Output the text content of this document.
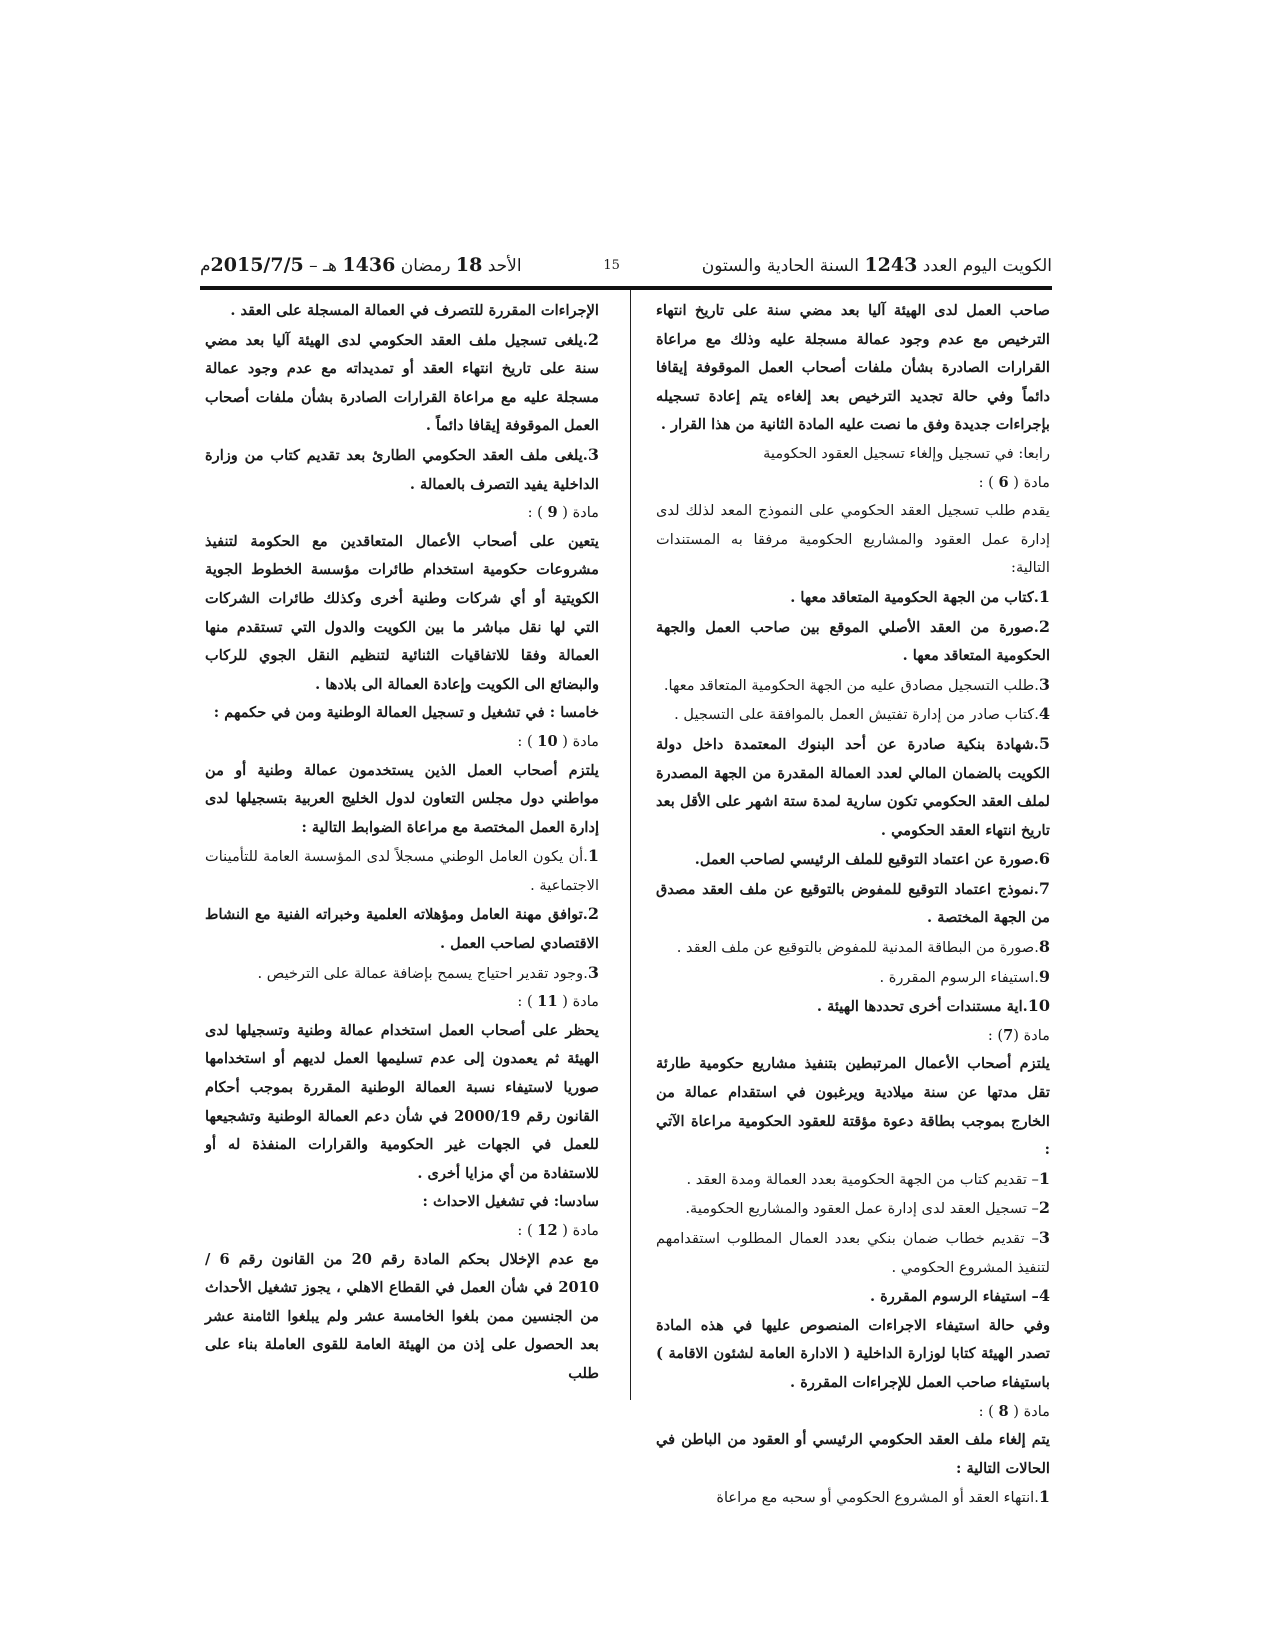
الكويت اليوم العدد 1243 السنة الحادية والستون
15
الأحد 18 رمضان 1436 هـ – 2015/7/5م

صاحب العمل لدى الهيئة آليا بعد مضي سنة على تاريخ انتهاء الترخيص مع عدم وجود عمالة مسجلة عليه وذلك مع مراعاة القرارات الصادرة بشأن ملفات أصحاب العمل الموقوفة إيقافا دائماً وفي حالة تجديد الترخيص بعد إلغاءه يتم إعادة تسجيله بإجراءات جديدة وفق ما نصت عليه المادة الثانية من هذا القرار .

رابعا: في تسجيل وإلغاء تسجيل العقود الحكومية

مادة ( 6 ) :

يقدم طلب تسجيل العقد الحكومي على النموذج المعد لذلك لدى إدارة عمل العقود والمشاريع الحكومية مرفقا به المستندات التالية:

1.كتاب من الجهة الحكومية المتعاقد معها .

2.صورة من العقد الأصلي الموقع بين صاحب العمل والجهة الحكومية المتعاقد معها .

3.طلب التسجيل مصادق عليه من الجهة الحكومية المتعاقد معها.

4.كتاب صادر من إدارة تفتيش العمل بالموافقة على التسجيل .

5.شهادة بنكية صادرة عن أحد البنوك المعتمدة داخل دولة الكويت بالضمان المالي لعدد العمالة المقدرة من الجهة المصدرة لملف العقد الحكومي تكون سارية لمدة ستة اشهر على الأقل بعد تاريخ انتهاء العقد الحكومي .

6.صورة عن اعتماد التوقيع للملف الرئيسي لصاحب العمل.

7.نموذج اعتماد التوقيع للمفوض بالتوقيع عن ملف العقد مصدق من الجهة المختصة .

8.صورة من البطاقة المدنية للمفوض بالتوقيع عن ملف العقد .

9.استيفاء الرسوم المقررة .

10.اية مستندات أخرى تحددها الهيئة .

مادة (7) :

يلتزم أصحاب الأعمال المرتبطين بتنفيذ مشاريع حكومية طارئة تقل مدتها عن سنة ميلادية ويرغبون في استقدام عمالة من الخارج بموجب بطاقة دعوة مؤقتة للعقود الحكومية مراعاة الآتي :

1– تقديم كتاب من الجهة الحكومية بعدد العمالة ومدة العقد .

2– تسجيل العقد لدى إدارة عمل العقود والمشاريع الحكومية.

3– تقديم خطاب ضمان بنكي بعدد العمال المطلوب استقدامهم لتنفيذ المشروع الحكومي .

4– استيفاء الرسوم المقررة .

وفي حالة استيفاء الاجراءات المنصوص عليها في هذه المادة تصدر الهيئة كتابا لوزارة الداخلية ( الادارة العامة لشئون الاقامة ) باستيفاء صاحب العمل للإجراءات المقررة .

مادة ( 8 ) :

يتم إلغاء ملف العقد الحكومي الرئيسي أو العقود من الباطن في الحالات التالية :

1.انتهاء العقد أو المشروع الحكومي أو سحبه مع مراعاة

الإجراءات المقررة للتصرف في العمالة المسجلة على العقد .

2.يلغى تسجيل ملف العقد الحكومي لدى الهيئة آليا بعد مضي سنة على تاريخ انتهاء العقد أو تمديداته مع عدم وجود عمالة مسجلة عليه مع مراعاة القرارات الصادرة بشأن ملفات أصحاب العمل الموقوفة إيقافا دائماً .

3.يلغى ملف العقد الحكومي الطارئ بعد تقديم كتاب من وزارة الداخلية يفيد التصرف بالعمالة .

مادة ( 9 ) :

يتعين على أصحاب الأعمال المتعاقدين مع الحكومة لتنفيذ مشروعات حكومية استخدام طائرات مؤسسة الخطوط الجوية الكويتية أو أي شركات وطنية أخرى وكذلك طائرات الشركات التي لها نقل مباشر ما بين الكويت والدول التي تستقدم منها العمالة وفقا للاتفاقيات الثنائية لتنظيم النقل الجوي للركاب والبضائع الى الكويت وإعادة العمالة الى بلادها .

خامسا : في تشغيل و تسجيل العمالة الوطنية ومن في حكمهم :

مادة ( 10 ) :

يلتزم أصحاب العمل الذين يستخدمون عمالة وطنية أو من مواطني دول مجلس التعاون لدول الخليج العربية بتسجيلها لدى إدارة العمل المختصة مع مراعاة الضوابط التالية :

1.أن يكون العامل الوطني مسجلاً لدى المؤسسة العامة للتأمينات الاجتماعية .

2.توافق مهنة العامل ومؤهلاته العلمية وخبراته الفنية مع النشاط الاقتصادي لصاحب العمل .

3.وجود تقدير احتياج يسمح بإضافة عمالة على الترخيص .

مادة ( 11 ) :

يحظر على أصحاب العمل استخدام عمالة وطنية وتسجيلها لدى الهيئة ثم يعمدون إلى عدم تسليمها العمل لديهم أو استخدامها صوريا لاستيفاء نسبة العمالة الوطنية المقررة بموجب أحكام القانون رقم 2000/19 في شأن دعم العمالة الوطنية وتشجيعها للعمل في الجهات غير الحكومية والقرارات المنفذة له أو للاستفادة من أي مزايا أخرى .

سادسا: في تشغيل الاحداث :

مادة ( 12 ) :

مع عدم الإخلال بحكم المادة رقم 20 من القانون رقم 6 / 2010 في شأن العمل في القطاع الاهلي ، يجوز تشغيل الأحداث من الجنسين ممن بلغوا الخامسة عشر ولم يبلغوا الثامنة عشر بعد الحصول على إذن من الهيئة العامة للقوى العاملة بناء على طلب
